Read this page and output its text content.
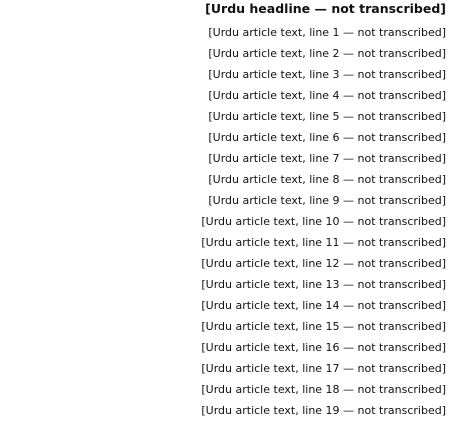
[Urdu headline — not transcribed]
[Urdu article text, line 1 — not transcribed]
[Urdu article text, line 2 — not transcribed]
[Urdu article text, line 3 — not transcribed]
[Urdu article text, line 4 — not transcribed]
[Urdu article text, line 5 — not transcribed]
[Urdu article text, line 6 — not transcribed]
[Urdu article text, line 7 — not transcribed]
[Urdu article text, line 8 — not transcribed]
[Urdu article text, line 9 — not transcribed]
[Urdu article text, line 10 — not transcribed]
[Urdu article text, line 11 — not transcribed]
[Urdu article text, line 12 — not transcribed]
[Urdu article text, line 13 — not transcribed]
[Urdu article text, line 14 — not transcribed]
[Urdu article text, line 15 — not transcribed]
[Urdu article text, line 16 — not transcribed]
[Urdu article text, line 17 — not transcribed]
[Urdu article text, line 18 — not transcribed]
[Urdu article text, line 19 — not transcribed]
